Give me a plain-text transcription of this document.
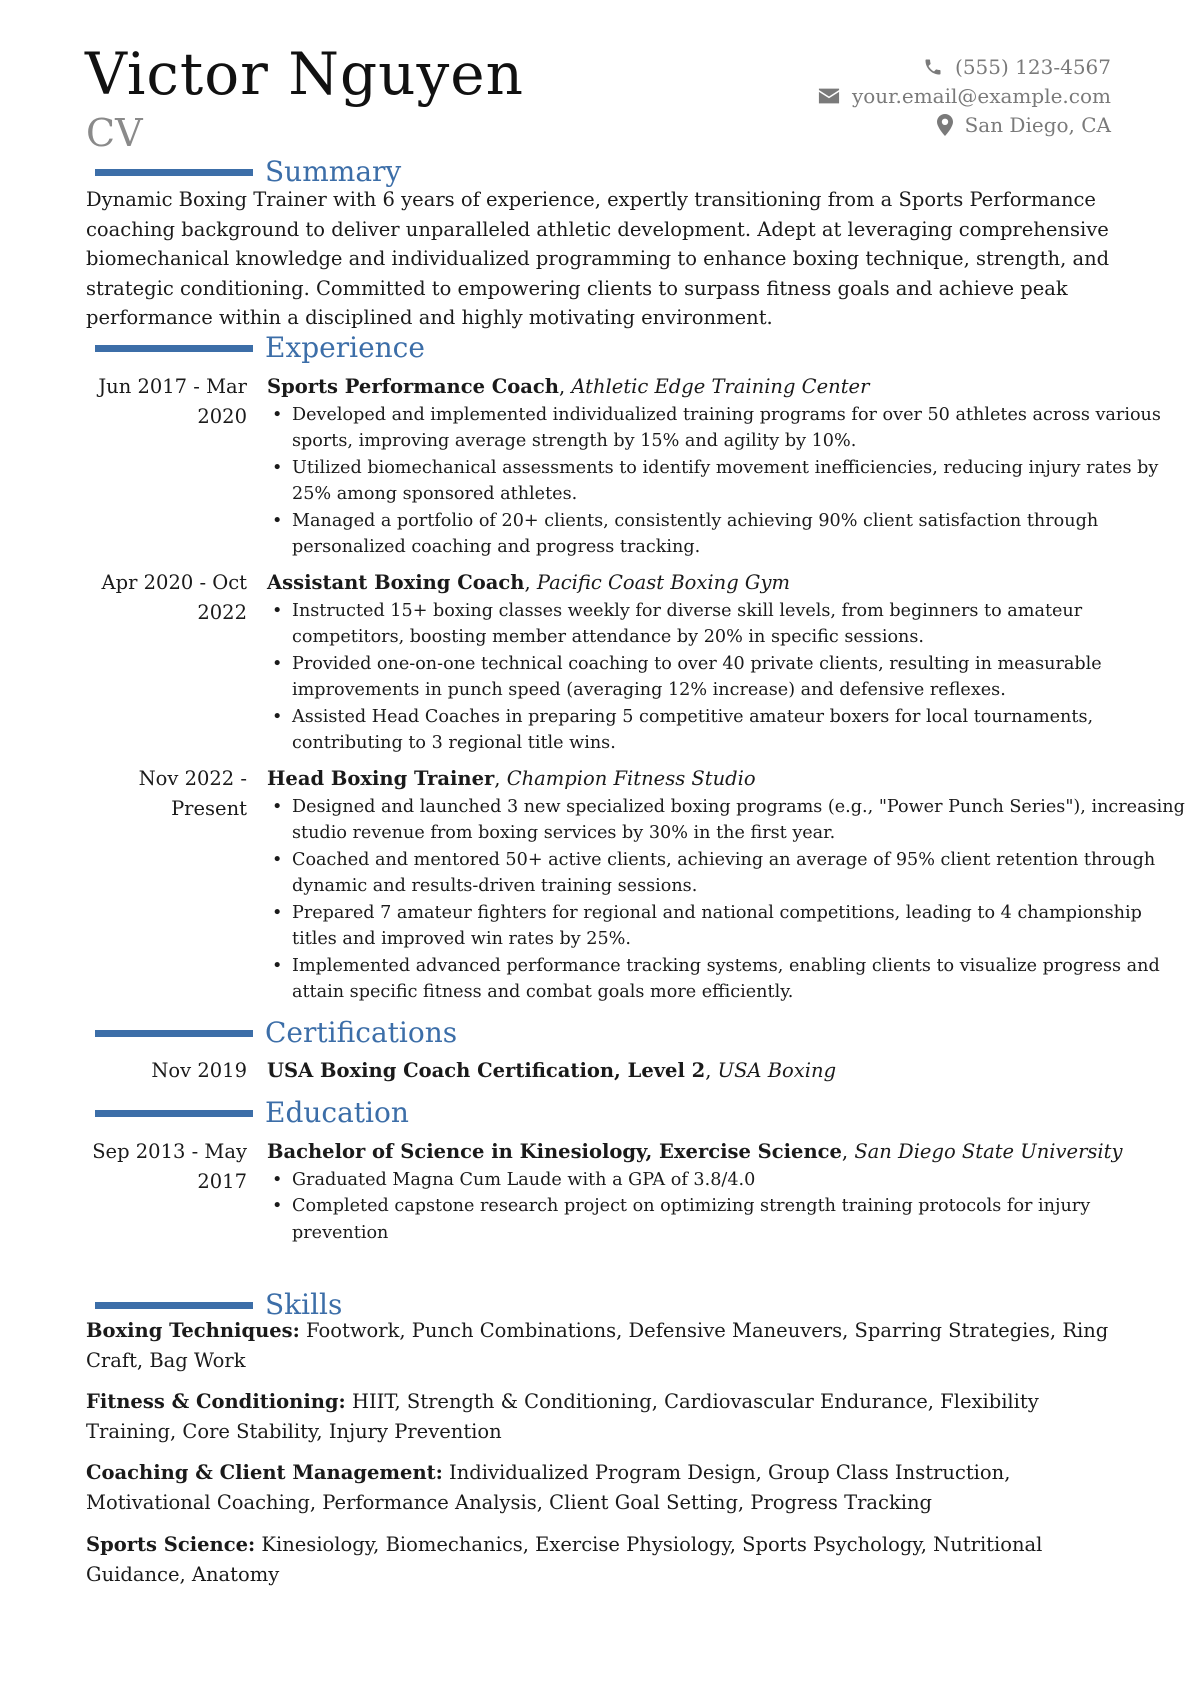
Victor Nguyen
CV
(555) 123-4567
your.email@example.com
San Diego, CA
Summary

Dynamic Boxing Trainer with 6 years of experience, expertly transitioning from a Sports Performance coaching background to deliver unparalleled athletic development. Adept at leveraging comprehensive biomechanical knowledge and individualized programming to enhance boxing technique, strength, and strategic conditioning. Committed to empowering clients to surpass fitness goals and achieve peak performance within a disciplined and highly motivating environment.

Experience
Jun 2017 - Mar
2020
Sports Performance Coach, Athletic Edge Training Center
• Developed and implemented individualized training programs for over 50 athletes across various sports, improving average strength by 15% and agility by 10%.
• Utilized biomechanical assessments to identify movement inefficiencies, reducing injury rates by 25% among sponsored athletes.
• Managed a portfolio of 20+ clients, consistently achieving 90% client satisfaction through personalized coaching and progress tracking.
Apr 2020 - Oct
2022
Assistant Boxing Coach, Pacific Coast Boxing Gym
• Instructed 15+ boxing classes weekly for diverse skill levels, from beginners to amateur competitors, boosting member attendance by 20% in specific sessions.
• Provided one-on-one technical coaching to over 40 private clients, resulting in measurable improvements in punch speed (averaging 12% increase) and defensive reflexes.
• Assisted Head Coaches in preparing 5 competitive amateur boxers for local tournaments, contributing to 3 regional title wins.
Nov 2022 -
Present
Head Boxing Trainer, Champion Fitness Studio
• Designed and launched 3 new specialized boxing programs (e.g., "Power Punch Series"), increasing studio revenue from boxing services by 30% in the first year.
• Coached and mentored 50+ active clients, achieving an average of 95% client retention through dynamic and results-driven training sessions.
• Prepared 7 amateur fighters for regional and national competitions, leading to 4 championship titles and improved win rates by 25%.
• Implemented advanced performance tracking systems, enabling clients to visualize progress and attain specific fitness and combat goals more efficiently.
Certifications
Nov 2019 USA Boxing Coach Certification, Level 2, USA Boxing
Education
Sep 2013 - May
2017
Bachelor of Science in Kinesiology, Exercise Science, San Diego State University
• Graduated Magna Cum Laude with a GPA of 3.8/4.0
• Completed capstone research project on optimizing strength training protocols for injury prevention
Skills

Boxing Techniques: Footwork, Punch Combinations, Defensive Maneuvers, Sparring Strategies, Ring Craft, Bag Work

Fitness & Conditioning: HIIT, Strength & Conditioning, Cardiovascular Endurance, Flexibility Training, Core Stability, Injury Prevention

Coaching & Client Management: Individualized Program Design, Group Class Instruction, Motivational Coaching, Performance Analysis, Client Goal Setting, Progress Tracking

Sports Science: Kinesiology, Biomechanics, Exercise Physiology, Sports Psychology, Nutritional Guidance, Anatomy
